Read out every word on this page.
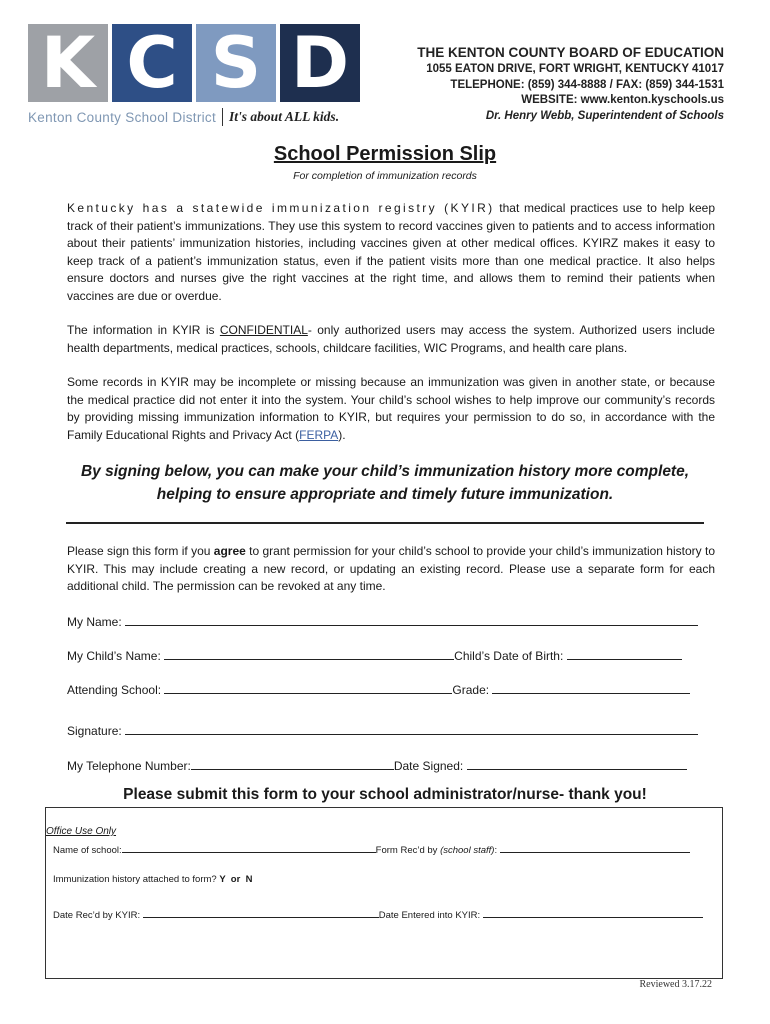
K C S D
Kenton County School District It's about ALL kids.
THE KENTON COUNTY BOARD OF EDUCATION
1055 EATON DRIVE, FORT WRIGHT, KENTUCKY 41017
TELEPHONE: (859) 344-8888 / FAX: (859) 344-1531
WEBSITE: www.kenton.kyschools.us
Dr. Henry Webb, Superintendent of Schools
School Permission Slip
For completion of immunization records
Kentucky has a statewide immunization registry (KYIR) that medical practices use to help keep track of their patient’s immunizations. They use this system to record vaccines given to patients and to access information about their patients’ immunization histories, including vaccines given at other medical offices. KYIRZ makes it easy to keep track of a patient’s immunization status, even if the patient visits more than one medical practice. It also helps ensure doctors and nurses give the right vaccines at the right time, and allows them to remind their patients when vaccines are due or overdue.
The information in KYIR is CONFIDENTIAL- only authorized users may access the system. Authorized users include health departments, medical practices, schools, childcare facilities, WIC Programs, and health care plans.
Some records in KYIR may be incomplete or missing because an immunization was given in another state, or because the medical practice did not enter it into the system. Your child’s school wishes to help improve our community’s records by providing missing immunization information to KYIR, but requires your permission to do so, in accordance with the Family Educational Rights and Privacy Act (FERPA).
By signing below, you can make your child’s immunization history more complete,
helping to ensure appropriate and timely future immunization.
Please sign this form if you agree to grant permission for your child’s school to provide your child’s immunization history to KYIR. This may include creating a new record, or updating an existing record. Please use a separate form for each additional child. The permission can be revoked at any time.
My Name:
My Child’s Name:	Child’s Date of Birth:
Attending School:	Grade:
Signature:
My Telephone Number:	Date Signed:
Please submit this form to your school administrator/nurse- thank you!
Office Use Only
Name of school:	Form Rec’d by (school staff):
Immunization history attached to form? Y  or  N
Date Rec’d by KYIR:	Date Entered into KYIR:
Reviewed 3.17.22
